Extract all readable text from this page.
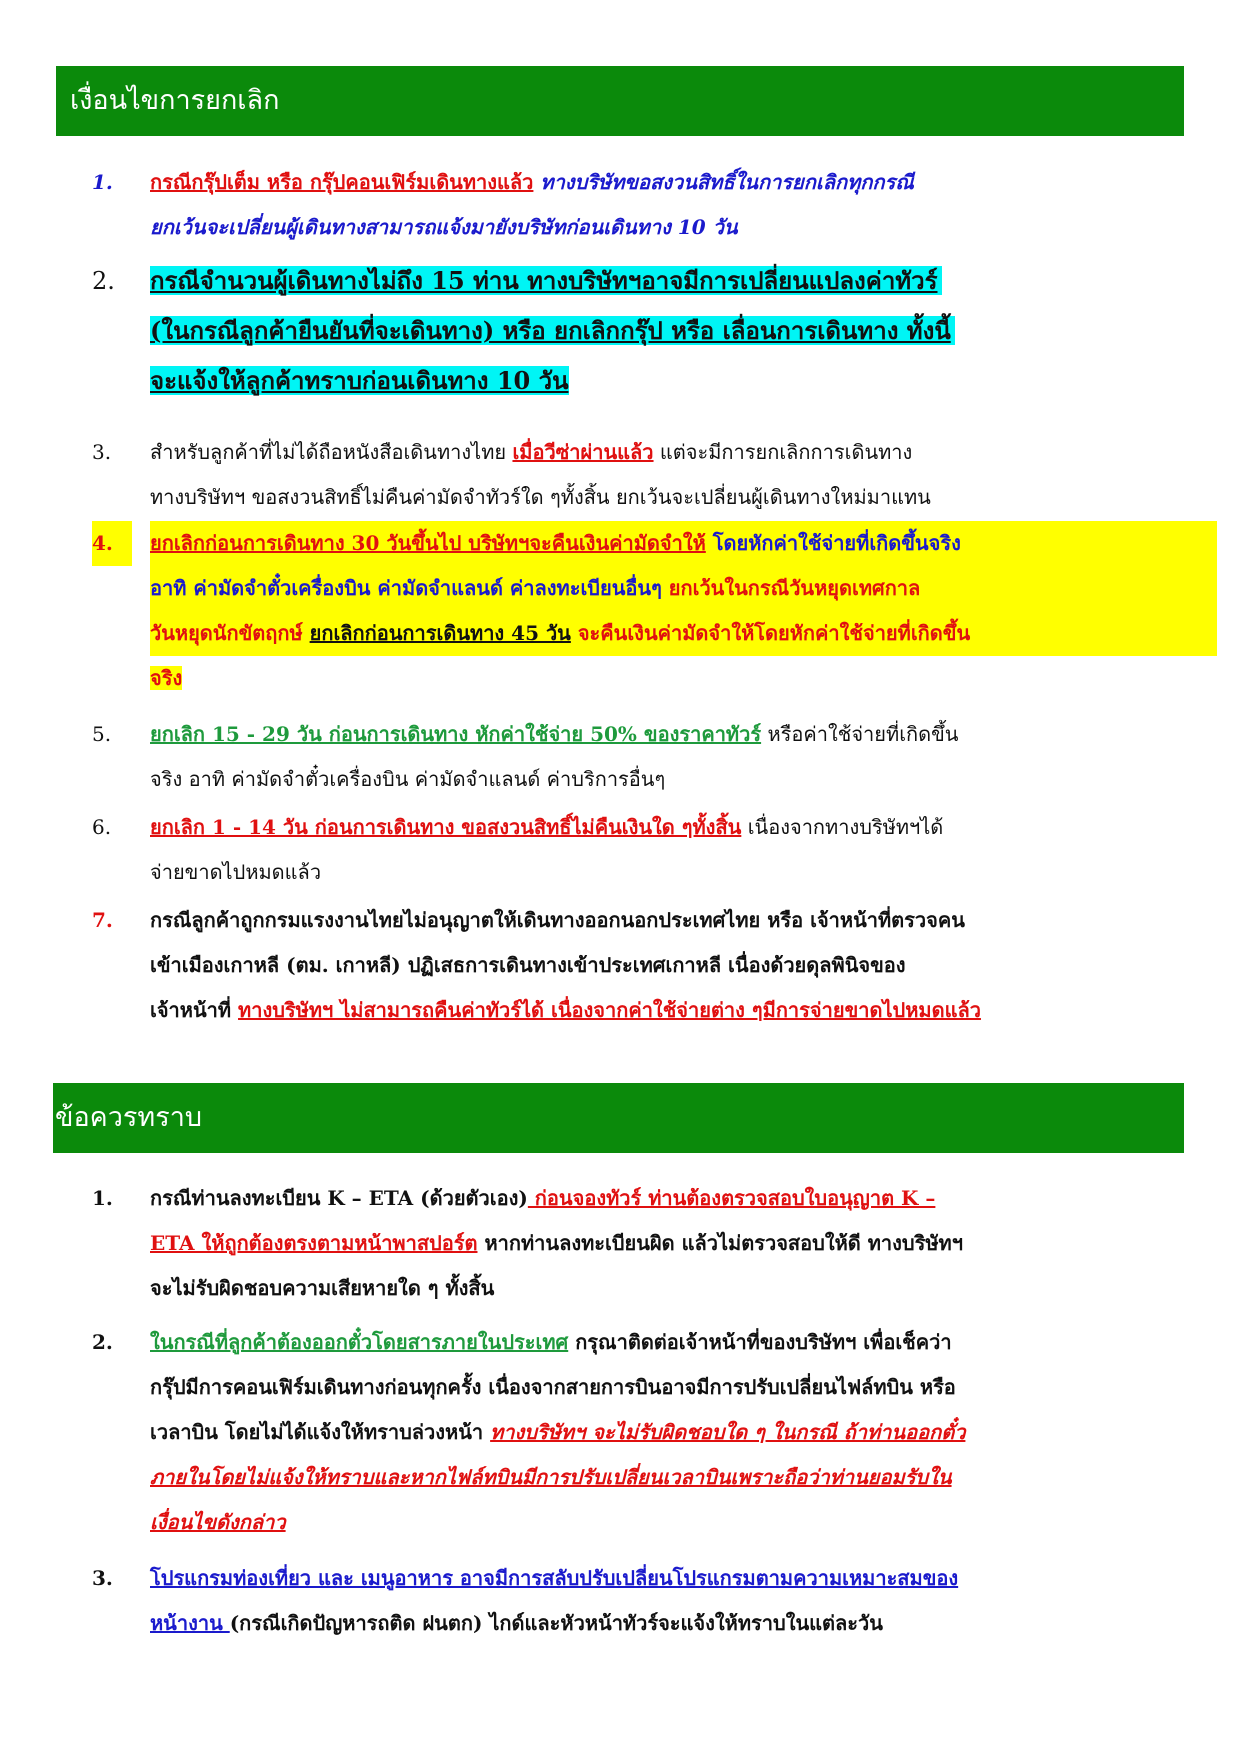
เงื่อนไขการยกเลิก
1.	กรณีกรุ๊ปเต็ม หรือ กรุ๊ปคอนเฟิร์มเดินทางแล้ว ทางบริษัทขอสงวนสิทธิ์ในการยกเลิกทุกกรณี
ยกเว้นจะเปลี่ยนผู้เดินทางสามารถแจ้งมายังบริษัทก่อนเดินทาง 10 วัน
2.	กรณีจำนวนผู้เดินทางไม่ถึง 15 ท่าน ทางบริษัทฯอาจมีการเปลี่ยนแปลงค่าทัวร์
(ในกรณีลูกค้ายืนยันที่จะเดินทาง) หรือ ยกเลิกกรุ๊ป หรือ เลื่อนการเดินทาง ทั้งนี้
จะแจ้งให้ลูกค้าทราบก่อนเดินทาง 10 วัน
3.	สำหรับลูกค้าที่ไม่ได้ถือหนังสือเดินทางไทย เมื่อวีซ่าผ่านแล้ว แต่จะมีการยกเลิกการเดินทาง
ทางบริษัทฯ ขอสงวนสิทธิ์ไม่คืนค่ามัดจำทัวร์ใด ๆทั้งสิ้น ยกเว้นจะเปลี่ยนผู้เดินทางใหม่มาแทน
4.	ยกเลิกก่อนการเดินทาง 30 วันขึ้นไป บริษัทฯจะคืนเงินค่ามัดจำให้ โดยหักค่าใช้จ่ายที่เกิดขึ้นจริง
อาทิ ค่ามัดจำตั๋วเครื่องบิน ค่ามัดจำแลนด์ ค่าลงทะเบียนอื่นๆ ยกเว้นในกรณีวันหยุดเทศกาล
วันหยุดนักขัตฤกษ์ ยกเลิกก่อนการเดินทาง 45 วัน จะคืนเงินค่ามัดจำให้โดยหักค่าใช้จ่ายที่เกิดขึ้น
จริง
5.	ยกเลิก 15 - 29 วัน ก่อนการเดินทาง หักค่าใช้จ่าย 50% ของราคาทัวร์ หรือค่าใช้จ่ายที่เกิดขึ้น
จริง อาทิ ค่ามัดจำตั๋วเครื่องบิน ค่ามัดจำแลนด์ ค่าบริการอื่นๆ
6.	ยกเลิก 1 - 14 วัน ก่อนการเดินทาง ขอสงวนสิทธิ์ไม่คืนเงินใด ๆทั้งสิ้น เนื่องจากทางบริษัทฯได้
จ่ายขาดไปหมดแล้ว
7.	กรณีลูกค้าถูกกรมแรงงานไทยไม่อนุญาตให้เดินทางออกนอกประเทศไทย หรือ เจ้าหน้าที่ตรวจคน
เข้าเมืองเกาหลี (ตม. เกาหลี) ปฏิเสธการเดินทางเข้าประเทศเกาหลี เนื่องด้วยดุลพินิจของ
เจ้าหน้าที่ ทางบริษัทฯ ไม่สามารถคืนค่าทัวร์ได้ เนื่องจากค่าใช้จ่ายต่าง ๆมีการจ่ายขาดไปหมดแล้ว
ข้อควรทราบ
1.	กรณีท่านลงทะเบียน K – ETA (ด้วยตัวเอง) ก่อนจองทัวร์ ท่านต้องตรวจสอบใบอนุญาต K –
ETA ให้ถูกต้องตรงตามหน้าพาสปอร์ต หากท่านลงทะเบียนผิด แล้วไม่ตรวจสอบให้ดี ทางบริษัทฯ
จะไม่รับผิดชอบความเสียหายใด ๆ ทั้งสิ้น
2.	ในกรณีที่ลูกค้าต้องออกตั๋วโดยสารภายในประเทศ กรุณาติดต่อเจ้าหน้าที่ของบริษัทฯ เพื่อเช็คว่า
กรุ๊ปมีการคอนเฟิร์มเดินทางก่อนทุกครั้ง เนื่องจากสายการบินอาจมีการปรับเปลี่ยนไฟล์ทบิน หรือ
เวลาบิน โดยไม่ได้แจ้งให้ทราบล่วงหน้า ทางบริษัทฯ จะไม่รับผิดชอบใด ๆ ในกรณี ถ้าท่านออกตั๋ว
ภายในโดยไม่แจ้งให้ทราบและหากไฟล์ทบินมีการปรับเปลี่ยนเวลาบินเพราะถือว่าท่านยอมรับใน
เงื่อนไขดังกล่าว
3.	โปรแกรมท่องเที่ยว และ เมนูอาหาร อาจมีการสลับปรับเปลี่ยนโปรแกรมตามความเหมาะสมของ
หน้างาน (กรณีเกิดปัญหารถติด ฝนตก) ไกด์และหัวหน้าทัวร์จะแจ้งให้ทราบในแต่ละวัน
